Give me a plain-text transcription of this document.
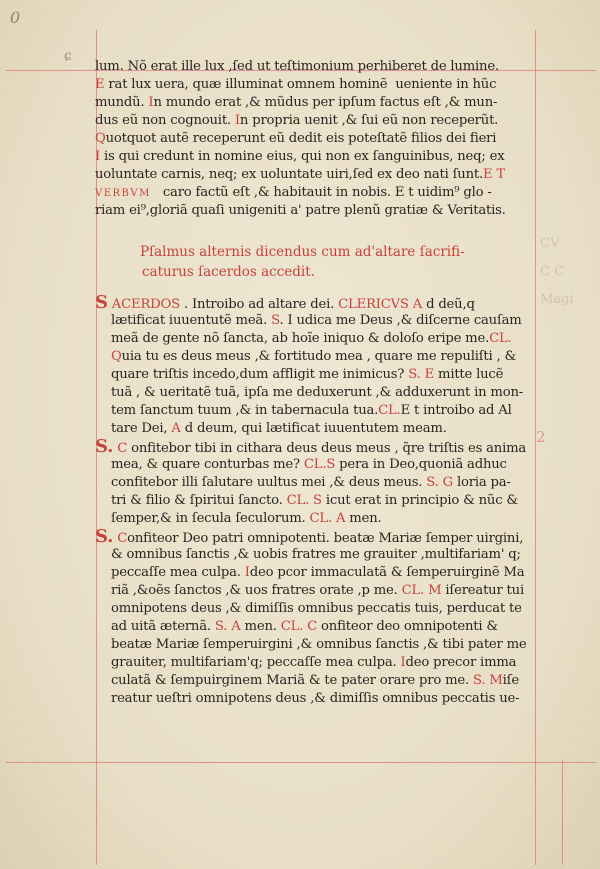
0
ɕ
2
CV
C C
Magi
lum. Nõ erat ille lux ,ſed ut teſtimonium perhiberet de lumine.
E rat lux uera, quæ illuminat omnem hominẽ  ueniente in hũc
mundũ. In mundo erat ,& mũdus per ipſum factus eſt ,& mun-
dus eũ non cognouit. In propria uenit ,& ſui eũ non receperũt.
Quotquot autẽ receperunt eũ dedit eis poteſtatẽ filios dei fieri
I is qui credunt in nomine eius, qui non ex ſanguinibus, neq; ex
uoluntate carnis, neq; ex uoluntate uiri,ſed ex deo nati ſunt.E T
VERBVM   caro factũ eſt ,& habitauit in nobis. E t uidim⁹ glo -
riam ei⁹,gloriã quaſi unigeniti a' patre plenũ gratiæ & Veritatis.
Pſalmus alternis dicendus cum ad'altare ſacrifi-
caturus ſacerdos accedit.
S ACERDOS . Introibo ad altare dei. CLERICVS A d deũ,q
lætificat iuuentutẽ meã. S. I udica me Deus ,& diſcerne cauſam
meã de gente nõ ſancta, ab hoĩe iniquo & doloſo eripe me.CL.
Quia tu es deus meus ,& fortitudo mea , quare me repuliſti , &
quare triſtis incedo,dum affligit me inimicus? S. E mitte lucẽ
tuã , & ueritatẽ tuã, ipſa me deduxerunt ,& adduxerunt in mon-
tem ſanctum tuum ,& in tabernacula tua.CL.E t introibo ad Al
tare Dei, A d deum, qui lætificat iuuentutem meam.
S. C onfitebor tibi in cithara deus deus meus , q̃re triſtis es anima
mea, & quare conturbas me? CL.S pera in Deo,quoniã adhuc
confitebor illi ſalutare uultus mei ,& deus meus. S. G loria pa-
tri & filio & ſpiritui ſancto. CL. S icut erat in principio & nũc &
ſemper,& in ſecula ſeculorum. CL. A men.
S. Confiteor Deo patri omnipotenti. beatæ Mariæ ſemper uirgini,
& omnibus ſanctis ,& uobis fratres me grauiter ,multifariam' q;
peccaſſe mea culpa. Ideo pcor immaculatã & ſemperuirginẽ Ma
riã ,&oẽs ſanctos ,& uos fratres orate ,p me. CL. M iſereatur tui
omnipotens deus ,& dimiſſis omnibus peccatis tuis, perducat te
ad uitã æternã. S. A men. CL. C onfiteor deo omnipotenti &
beatæ Mariæ ſemperuirgini ,& omnibus ſanctis ,& tibi pater me
grauiter, multifariam'q; peccaſſe mea culpa. Ideo precor imma
culatã & ſempuirginem Mariã & te pater orare pro me. S. Miſe
reatur ueſtri omnipotens deus ,& dimiſſis omnibus peccatis ue-
